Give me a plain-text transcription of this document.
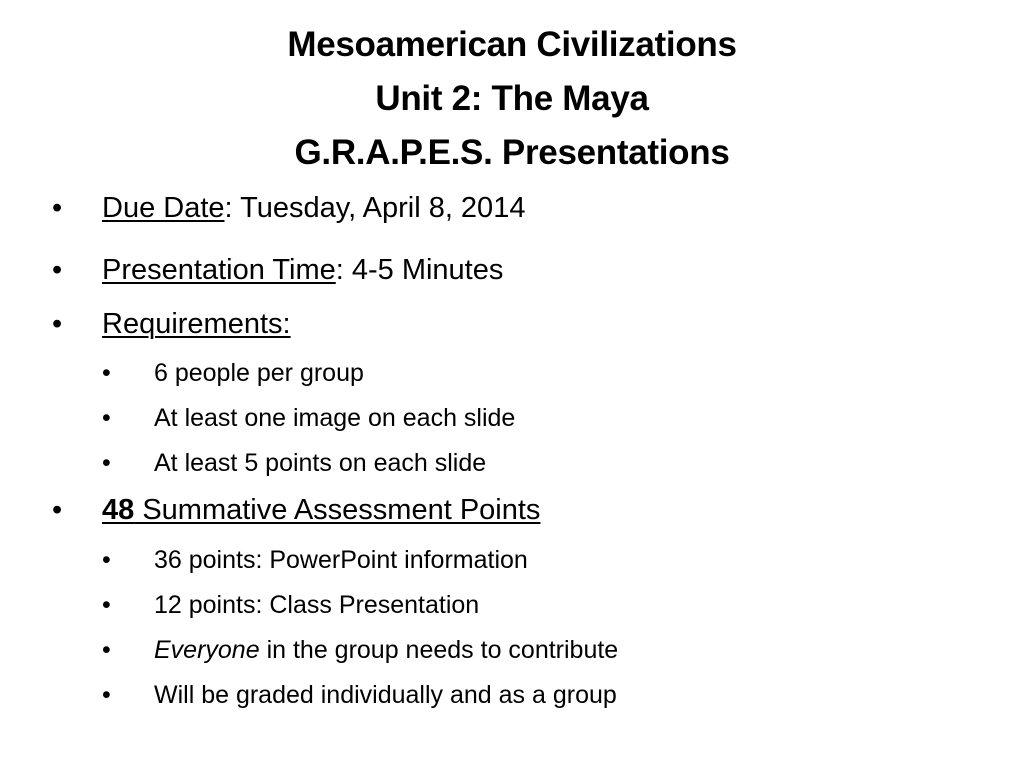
Mesoamerican Civilizations
Unit 2: The Maya
G.R.A.P.E.S. Presentations
• Due Date: Tuesday, April 8, 2014
• Presentation Time: 4-5 Minutes
• Requirements:
• 6 people per group
• At least one image on each slide
• At least 5 points on each slide
• 48 Summative Assessment Points
• 36 points: PowerPoint information
• 12 points: Class Presentation
• Everyone in the group needs to contribute
• Will be graded individually and as a group
